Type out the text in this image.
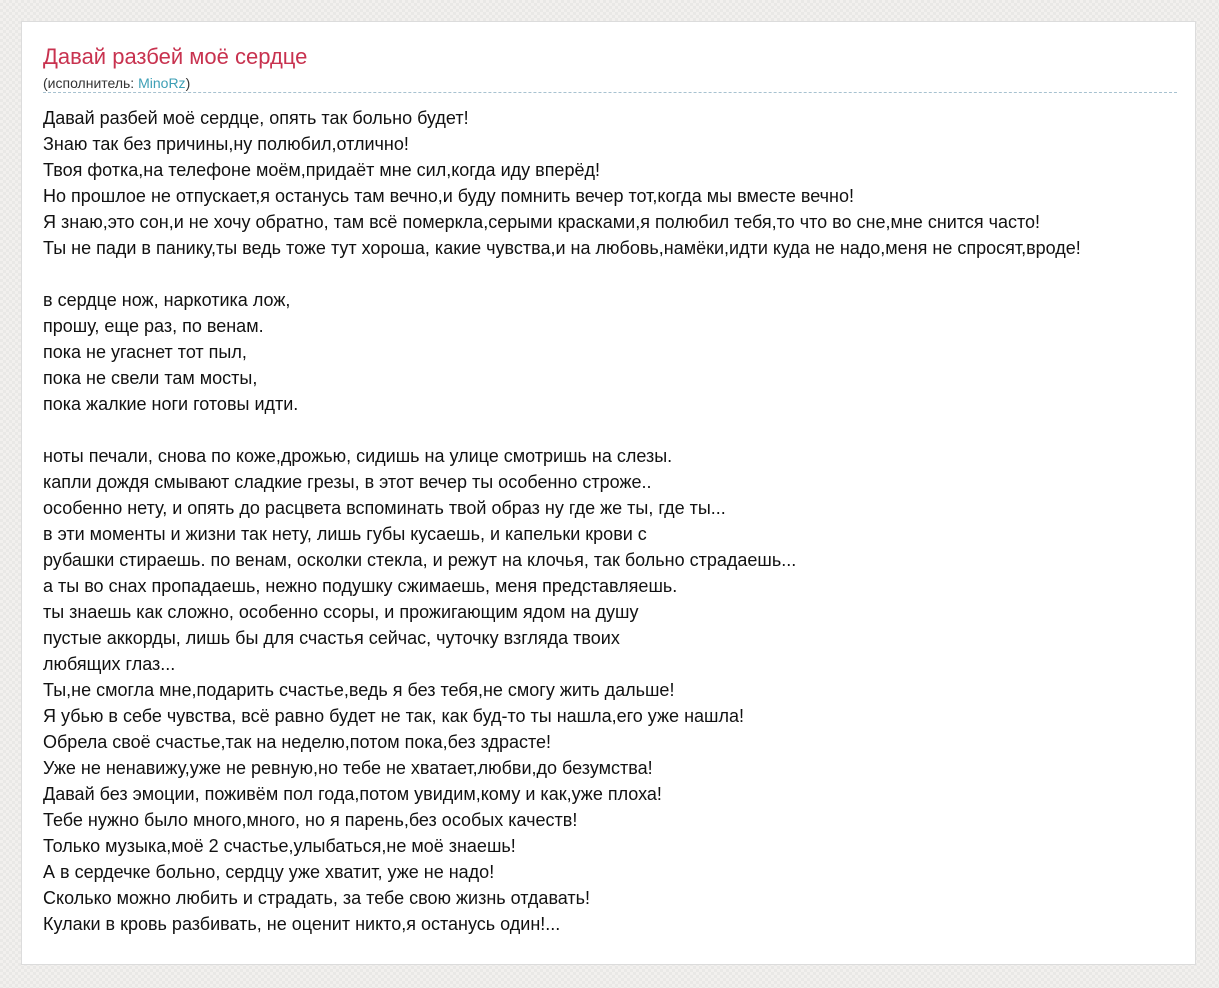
Давай разбей моё сердце
(исполнитель: MinoRz)
Давай разбей моё сердце, опять так больно будет!
Знаю так без причины,ну полюбил,отлично!
Твоя фотка,на телефоне моём,придаёт мне сил,когда иду вперёд!
Но прошлое не отпускает,я останусь там вечно,и буду помнить вечер тот,когда мы вместе вечно!
Я знаю,это сон,и не хочу обратно, там всё померкла,серыми красками,я полюбил тебя,то что во сне,мне снится часто!
Ты не пади в панику,ты ведь тоже тут хороша, какие чувства,и на любовь,намёки,идти куда не надо,меня не спросят,вроде!
в сердце нож, наркотика лож,
прошу, еще раз, по венам.
пока не угаснет тот пыл,
пока не свели там мосты,
пока жалкие ноги готовы идти.
ноты печали, снова по коже,дрожью, сидишь на улице смотришь на слезы.
капли дождя смывают сладкие грезы, в этот вечер ты особенно строже..
особенно нету, и опять до расцвета вспоминать твой образ ну где же ты, где ты...
в эти моменты и жизни так нету, лишь губы кусаешь, и капельки крови с
рубашки стираешь. по венам, осколки стекла, и режут на клочья, так больно страдаешь...
а ты во снах пропадаешь, нежно подушку сжимаешь, меня представляешь.
ты знаешь как сложно, особенно ссоры, и прожигающим ядом на душу
пустые аккорды, лишь бы для счастья сейчас, чуточку взгляда твоих
любящих глаз...
Ты,не смогла мне,подарить счастье,ведь я без тебя,не смогу жить дальше!
Я убью в себе чувства, всё равно будет не так, как буд-то ты нашла,его уже нашла!
Обрела своё счастье,так на неделю,потом пока,без здрасте!
Уже не ненавижу,уже не ревную,но тебе не хватает,любви,до безумства!
Давай без эмоции, поживём пол года,потом увидим,кому и как,уже плоха!
Тебе нужно было много,много, но я парень,без особых качеств!
Только музыка,моё 2 счастье,улыбаться,не моё знаешь!
А в сердечке больно, сердцу уже хватит, уже не надо!
Сколько можно любить и страдать, за тебе свою жизнь отдавать!
Кулаки в кровь разбивать, не оценит никто,я останусь один!...
